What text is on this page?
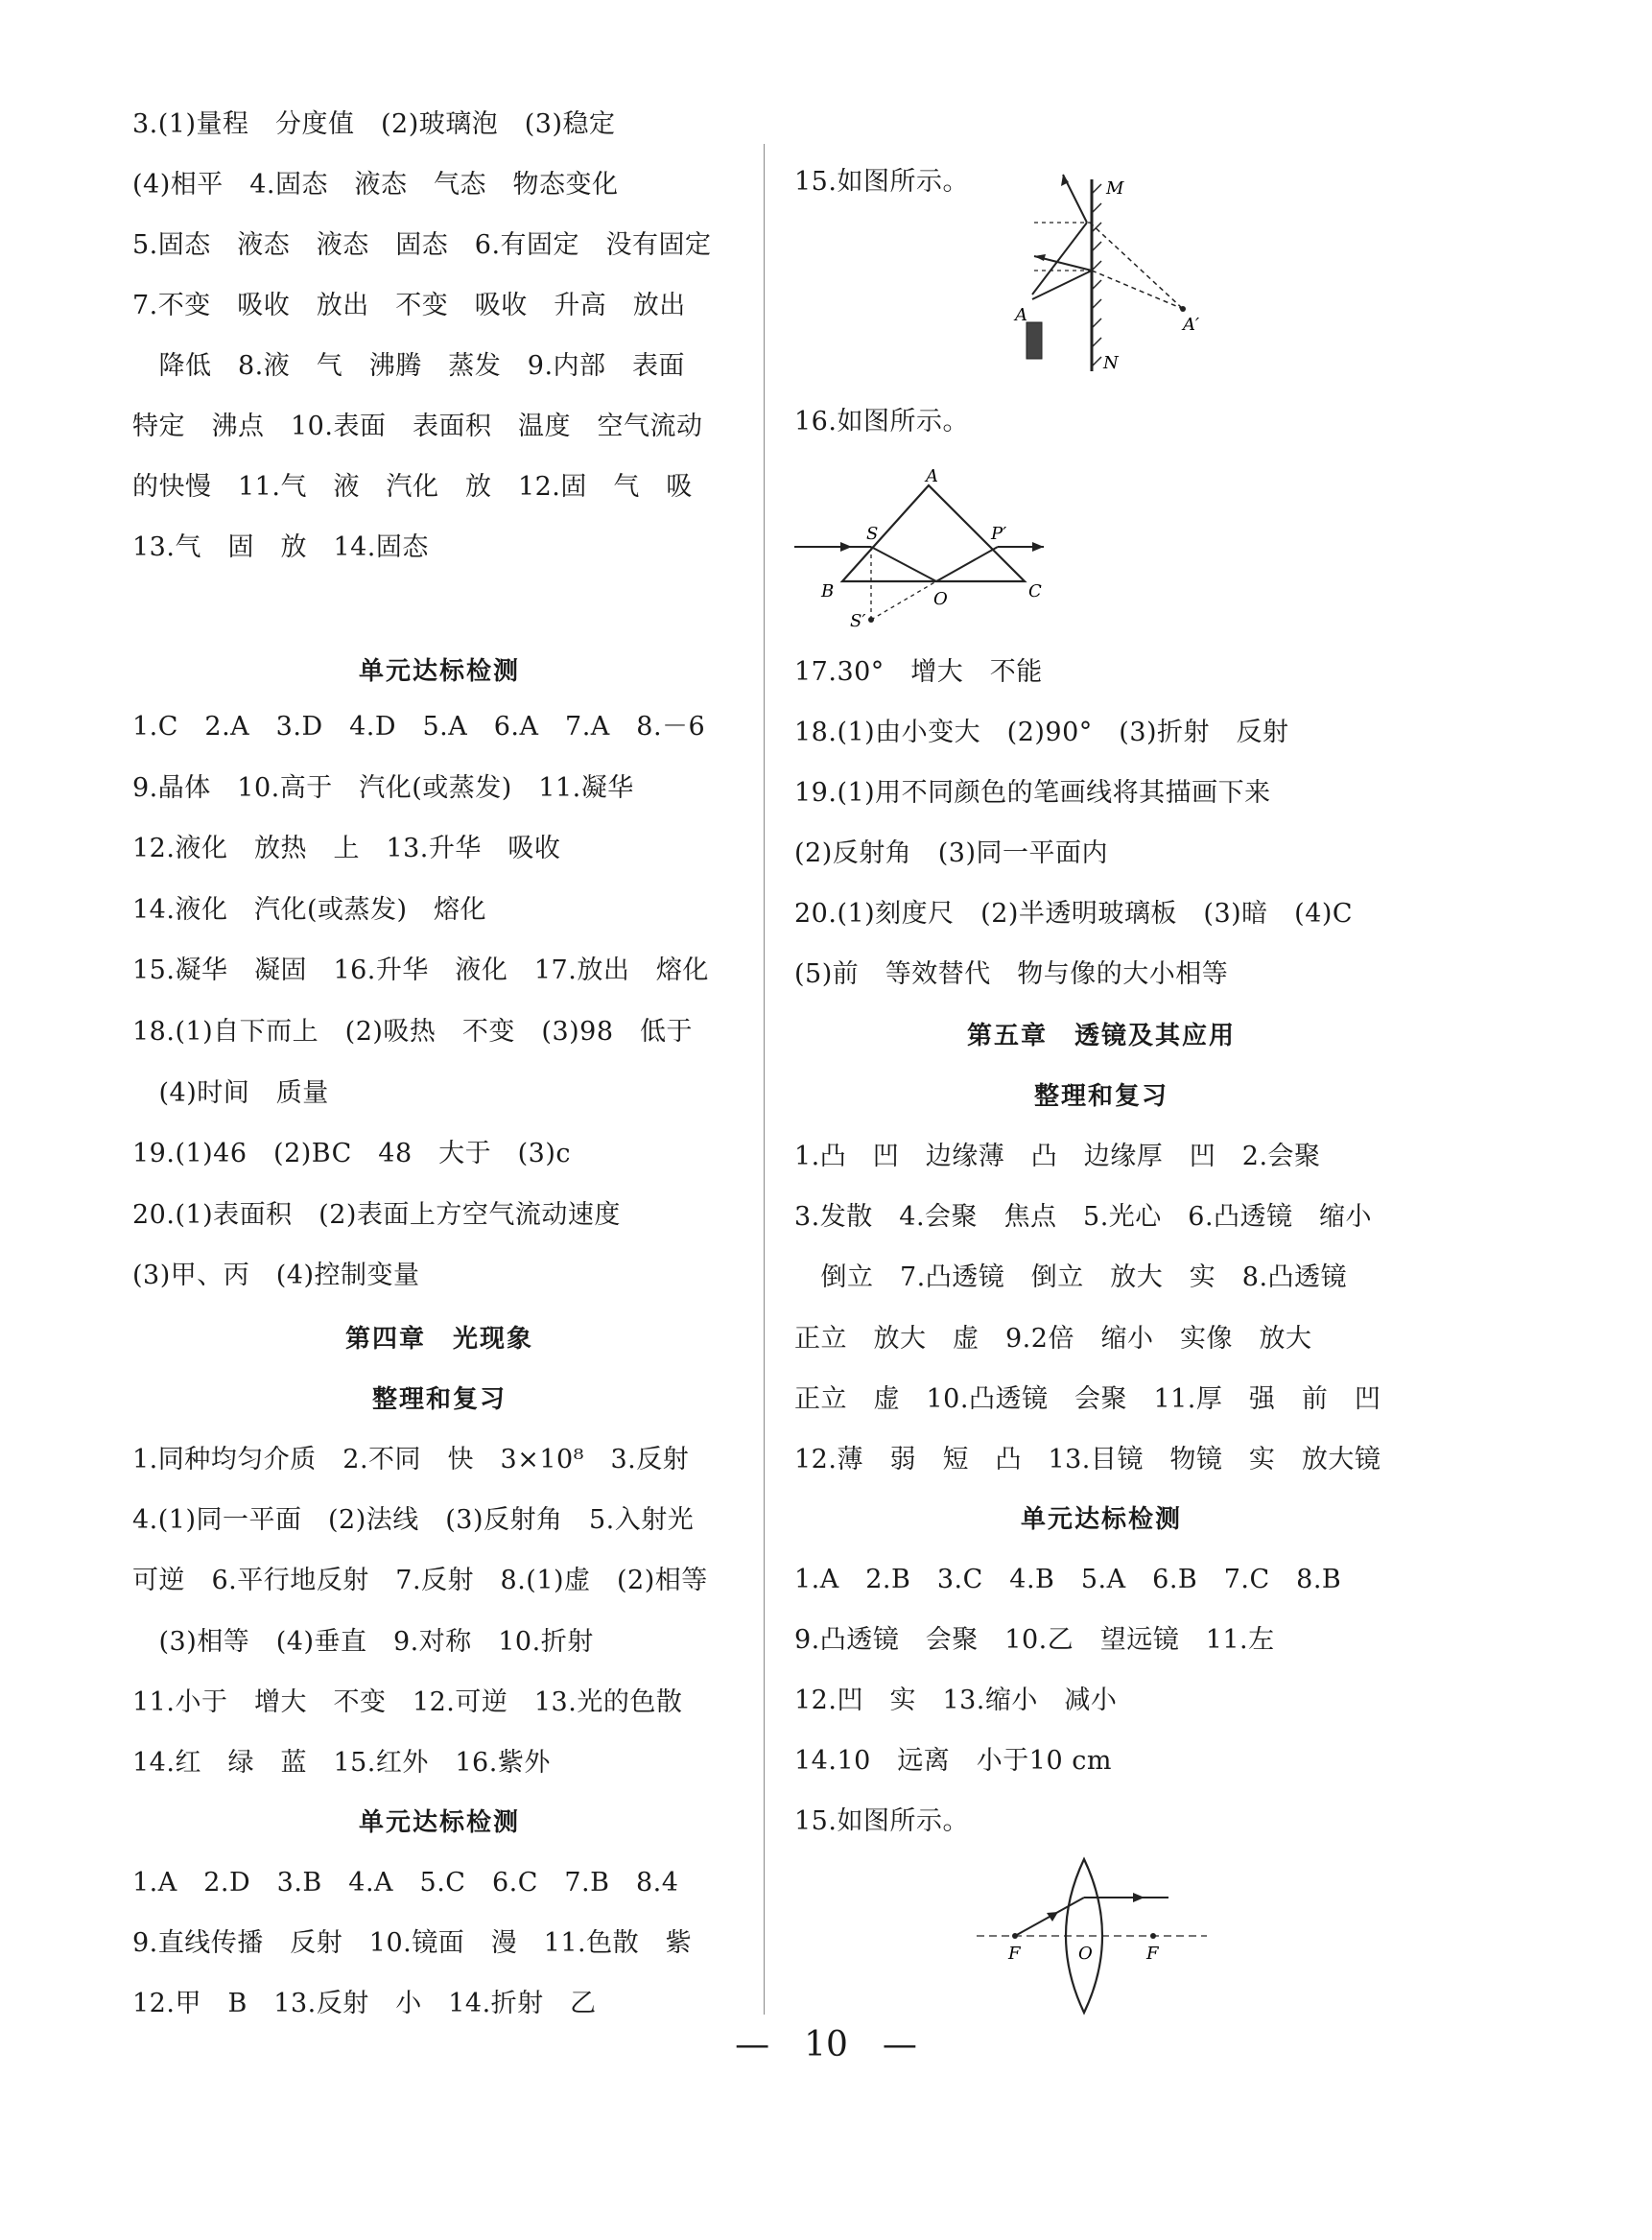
3.(1)量程　分度值　(2)玻璃泡　(3)稳定
(4)相平　4.固态　液态　气态　物态变化
5.固态　液态　液态　固态　6.有固定　没有固定
7.不变　吸收　放出　不变　吸收　升高　放出
　降低　8.液　气　沸腾　蒸发　9.内部　表面
特定　沸点　10.表面　表面积　温度　空气流动
的快慢　11.气　液　汽化　放　12.固　气　吸
13.气　固　放　14.固态
单元达标检测
1.C　2.A　3.D　4.D　5.A　6.A　7.A　8.－6
9.晶体　10.高于　汽化(或蒸发)　11.凝华
12.液化　放热　上　13.升华　吸收
14.液化　汽化(或蒸发)　熔化
15.凝华　凝固　16.升华　液化　17.放出　熔化
18.(1)自下而上　(2)吸热　不变　(3)98　低于
　(4)时间　质量
19.(1)46　(2)BC　48　大于　(3)c
20.(1)表面积　(2)表面上方空气流动速度
(3)甲、丙　(4)控制变量
第四章　光现象
整理和复习
1.同种均匀介质　2.不同　快　3×10⁸　3.反射
4.(1)同一平面　(2)法线　(3)反射角　5.入射光
可逆　6.平行地反射　7.反射　8.(1)虚　(2)相等
　(3)相等　(4)垂直　9.对称　10.折射
11.小于　增大　不变　12.可逆　13.光的色散
14.红　绿　蓝　15.红外　16.紫外
单元达标检测
1.A　2.D　3.B　4.A　5.C　6.C　7.B　8.4
9.直线传播　反射　10.镜面　漫　11.色散　紫
12.甲　B　13.反射　小　14.折射　乙
15.如图所示。	M
N
A	A′
16.如图所示。
A
B	C
S
S′
O
P′
17.30°　增大　不能
18.(1)由小变大　(2)90°　(3)折射　反射
19.(1)用不同颜色的笔画线将其描画下来
(2)反射角　(3)同一平面内
20.(1)刻度尺　(2)半透明玻璃板　(3)暗　(4)C
(5)前　等效替代　物与像的大小相等
第五章　透镜及其应用
整理和复习
1.凸　凹　边缘薄　凸　边缘厚　凹　2.会聚
3.发散　4.会聚　焦点　5.光心　6.凸透镜　缩小
　倒立　7.凸透镜　倒立　放大　实　8.凸透镜
正立　放大　虚　9.2倍　缩小　实像　放大
正立　虚　10.凸透镜　会聚　11.厚　强　前　凹
12.薄　弱　短　凸　13.目镜　物镜　实　放大镜
单元达标检测
1.A　2.B　3.C　4.B　5.A　6.B　7.C　8.B
9.凸透镜　会聚　10.乙　望远镜　11.左
12.凹　实　13.缩小　减小
14.10　远离　小于10 cm
15.如图所示。
F	O	F
—　10　—
